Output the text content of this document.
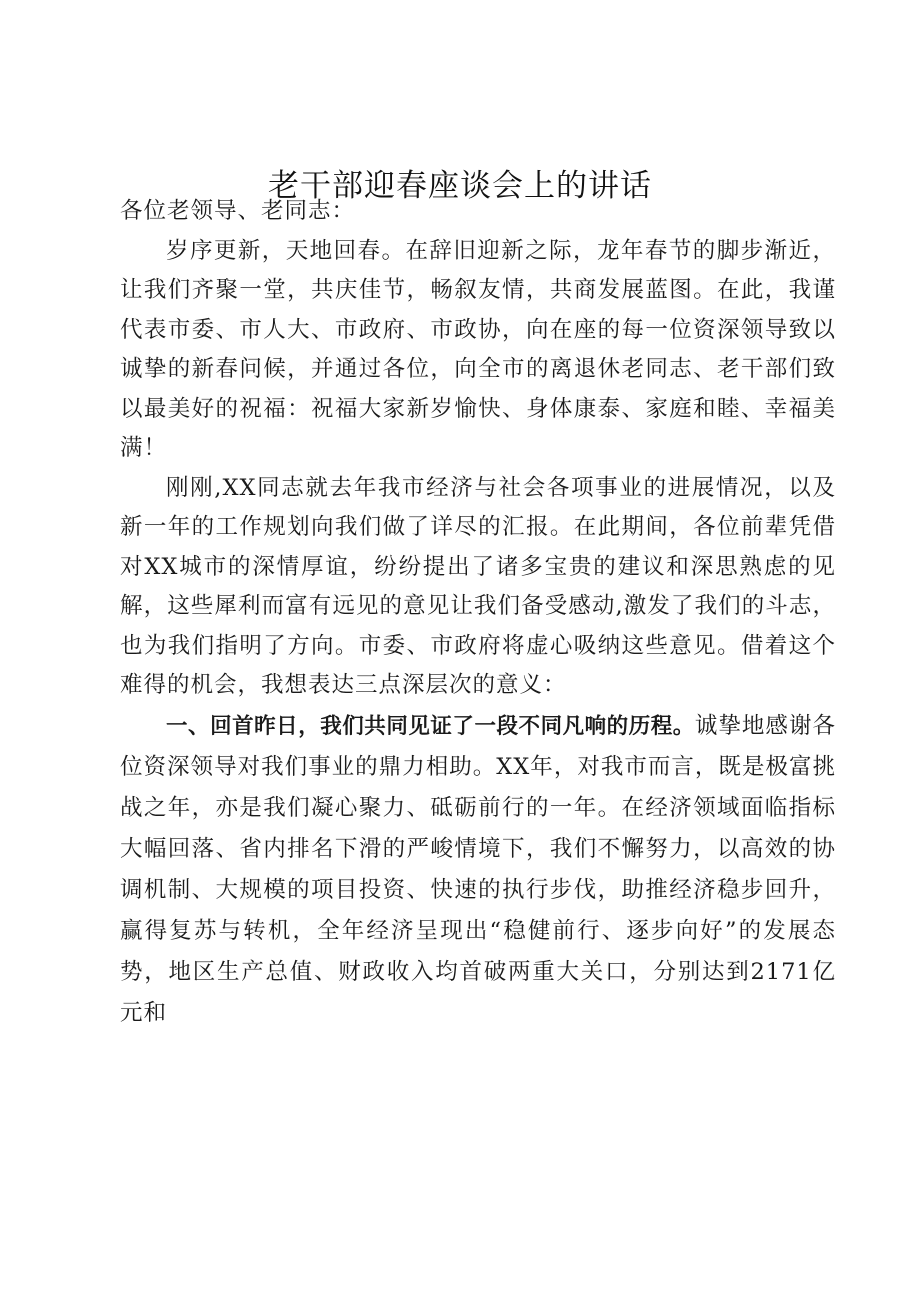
老干部迎春座谈会上的讲话

各位老领导、老同志：

岁序更新，天地回春。在辞旧迎新之际，龙年春节的脚步渐近，让我们齐聚一堂，共庆佳节，畅叙友情，共商发展蓝图。在此，我谨代表市委、市人大、市政府、市政协，向在座的每一位资深领导致以诚挚的新春问候，并通过各位，向全市的离退休老同志、老干部们致以最美好的祝福：祝福大家新岁愉快、身体康泰、家庭和睦、幸福美满！

刚刚,XX同志就去年我市经济与社会各项事业的进展情况，以及新一年的工作规划向我们做了详尽的汇报。在此期间，各位前辈凭借对XX城市的深情厚谊，纷纷提出了诸多宝贵的建议和深思熟虑的见解，这些犀利而富有远见的意见让我们备受感动,激发了我们的斗志，也为我们指明了方向。市委、市政府将虚心吸纳这些意见。借着这个难得的机会，我想表达三点深层次的意义：

一、回首昨日，我们共同见证了一段不同凡响的历程。诚挚地感谢各位资深领导对我们事业的鼎力相助。XX年，对我市而言，既是极富挑战之年，亦是我们凝心聚力、砥砺前行的一年。在经济领域面临指标大幅回落、省内排名下滑的严峻情境下，我们不懈努力，以高效的协调机制、大规模的项目投资、快速的执行步伐，助推经济稳步回升，赢得复苏与转机，全年经济呈现出“稳健前行、逐步向好”的发展态势，地区生产总值、财政收入均首破两重大关口，分别达到2171亿元和
